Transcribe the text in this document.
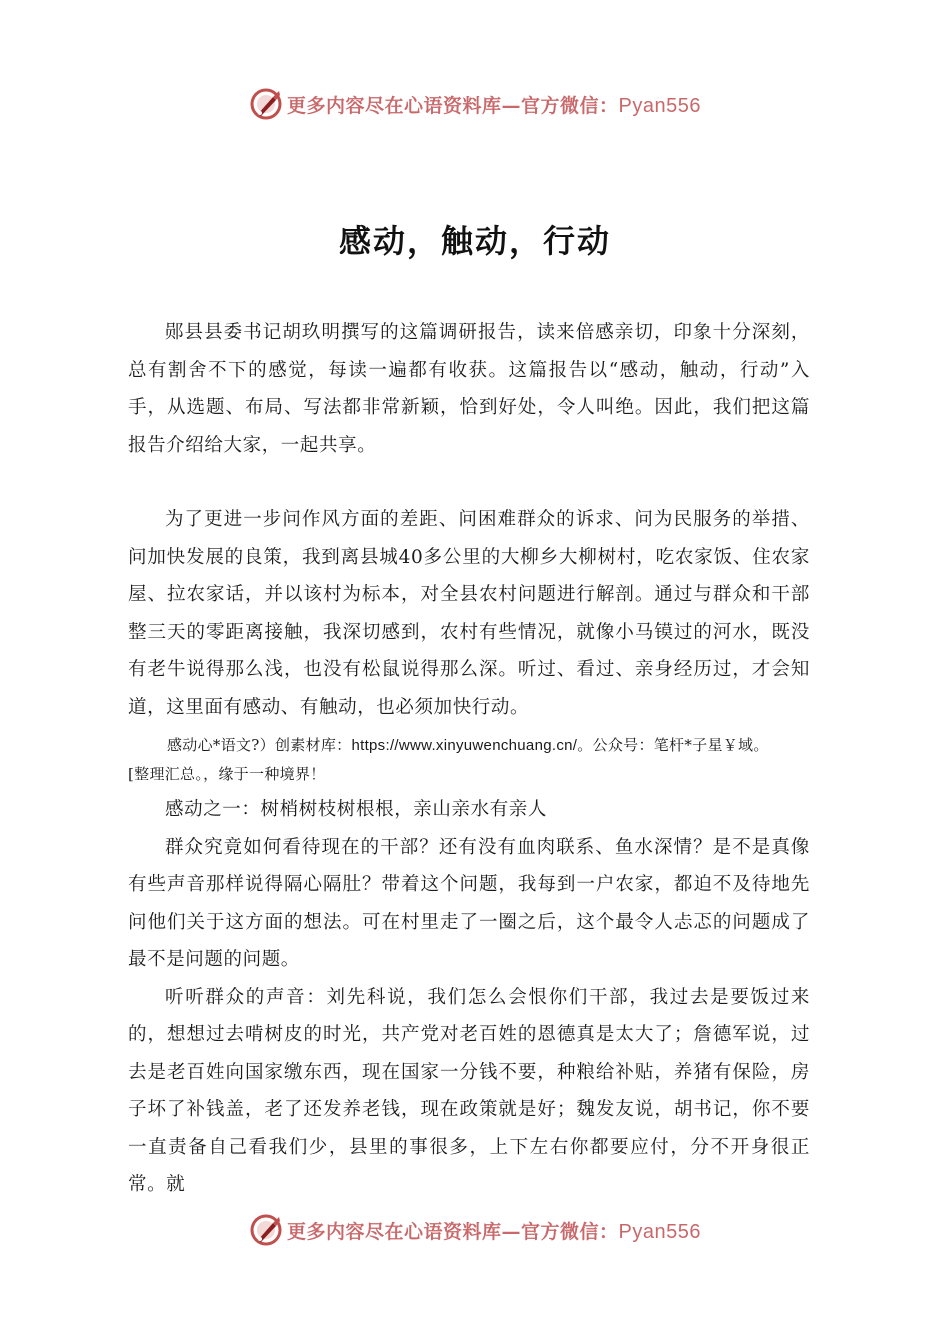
更多内容尽在心语资料库—官方微信：Pyan556
感动，触动，行动

郧县县委书记胡玖明撰写的这篇调研报告，读来倍感亲切，印象十分深刻，总有割舍不下的感觉，每读一遍都有收获。这篇报告以“感动，触动，行动”入手，从选题、布局、写法都非常新颖，恰到好处，令人叫绝。因此，我们把这篇报告介绍给大家，一起共享。

为了更进一步问作风方面的差距、问困难群众的诉求、问为民服务的举措、问加快发展的良策，我到离县城40多公里的大柳乡大柳树村，吃农家饭、住农家屋、拉农家话，并以该村为标本，对全县农村问题进行解剖。通过与群众和干部整三天的零距离接触，我深切感到，农村有些情况，就像小马镆过的河水，既没有老牛说得那么浅，也没有松鼠说得那么深。听过、看过、亲身经历过，才会知道，这里面有感动、有触动，也必须加快行动。

感动心*语文?）创素材库：https://www.xinyuwenchuang.cn/。公众号：笔杆*子星￥域。

[整理汇总。，缘于一种境界！

感动之一：树梢树枝树根根，亲山亲水有亲人

群众究竟如何看待现在的干部？还有没有血肉联系、鱼水深情？是不是真像有些声音那样说得隔心隔肚？带着这个问题，我每到一户农家，都迫不及待地先问他们关于这方面的想法。可在村里走了一圈之后，这个最令人忐忑的问题成了最不是问题的问题。

听听群众的声音：刘先科说，我们怎么会恨你们干部，我过去是要饭过来的，想想过去啃树皮的时光，共产党对老百姓的恩德真是太大了；詹德军说，过去是老百姓向国家缴东西，现在国家一分钱不要，种粮给补贴，养猪有保险，房子坏了补钱盖，老了还发养老钱，现在政策就是好；魏发友说，胡书记，你不要一直责备自己看我们少，县里的事很多，上下左右你都要应付，分不开身很正常。就

更多内容尽在心语资料库—官方微信：Pyan556
